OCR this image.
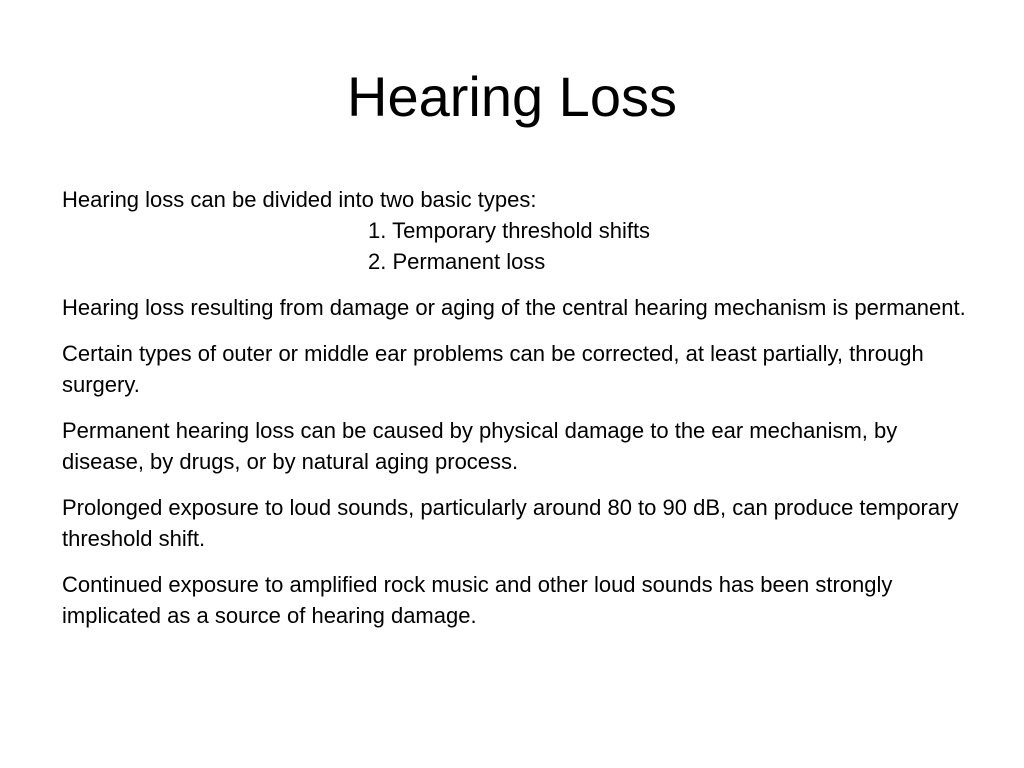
Hearing Loss
Hearing loss can be divided into two basic types:
1. Temporary threshold shifts
2. Permanent loss

Hearing loss resulting from damage or aging of the central hearing mechanism is permanent.

Certain types of outer or middle ear problems can be corrected, at least partially, through surgery.

Permanent hearing loss can be caused by physical damage to the ear mechanism, by disease, by drugs, or by natural aging process.

Prolonged exposure to loud sounds, particularly around 80 to 90 dB, can produce temporary threshold shift.

Continued exposure to amplified rock music and other loud sounds has been strongly implicated as a source of hearing damage.
